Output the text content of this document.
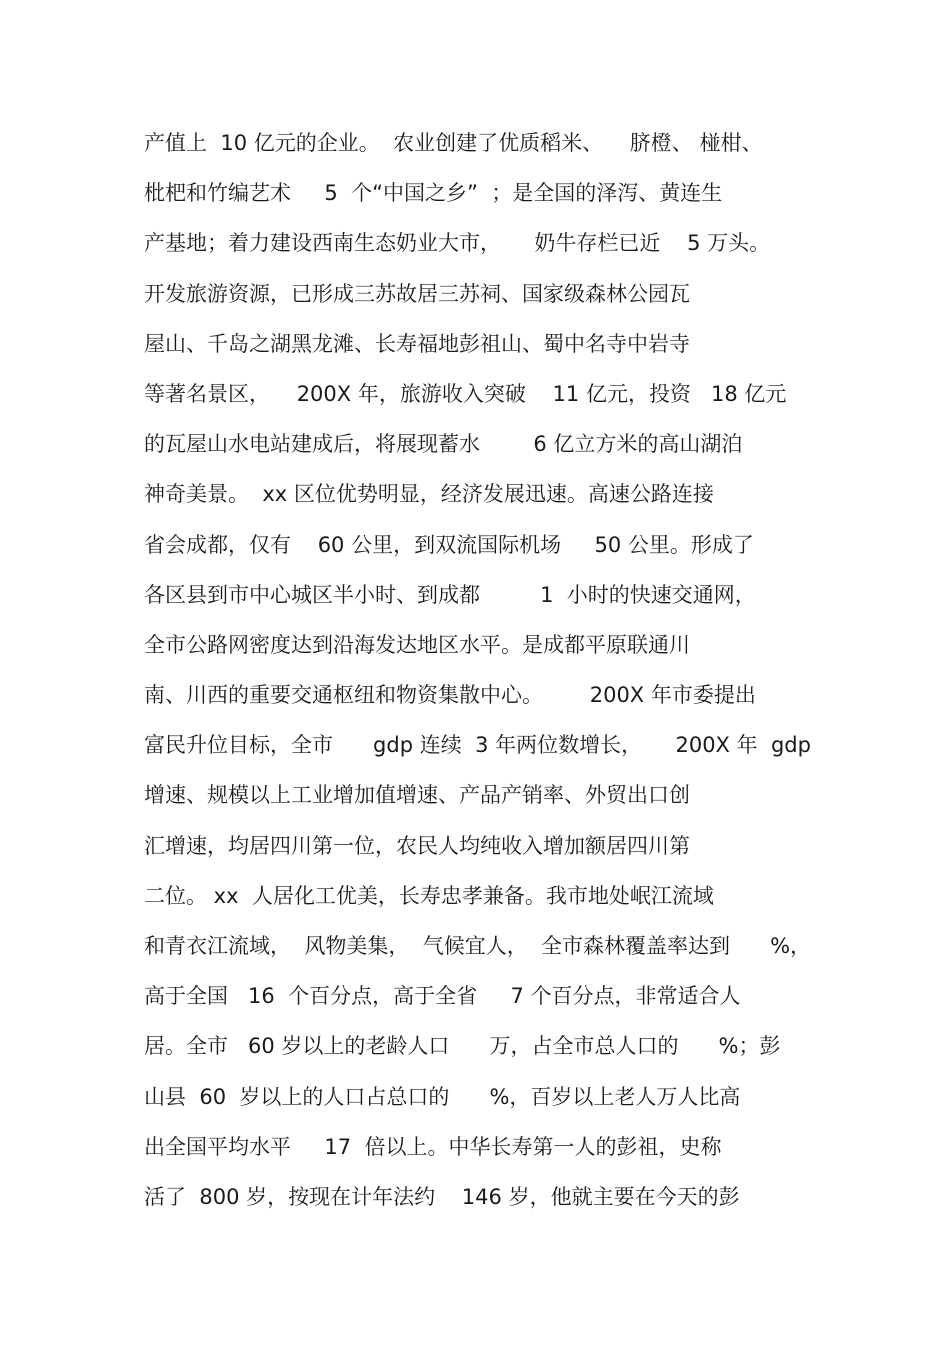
产值上  10 亿元的企业。  农业创建了优质稻米、    脐橙、 椪柑、
枇杷和竹编艺术     5  个“中国之乡”  ；是全国的泽泻、黄连生
产基地；着力建设西南生态奶业大市，     奶牛存栏已近    5 万头。
开发旅游资源，已形成三苏故居三苏祠、国家级森林公园瓦
屋山、千岛之湖黑龙滩、长寿福地彭祖山、蜀中名寺中岩寺
等著名景区，    200X 年，旅游收入突破    11 亿元，投资   18 亿元
的瓦屋山水电站建成后，将展现蓄水        6 亿立方米的高山湖泊
神奇美景。  xx 区位优势明显，经济发展迅速。高速公路连接
省会成都，仅有    60 公里，到双流国际机场     50 公里。形成了
各区县到市中心城区半小时、到成都         1  小时的快速交通网，
全市公路网密度达到沿海发达地区水平。是成都平原联通川
南、川西的重要交通枢纽和物资集散中心。       200X 年市委提出
富民升位目标，全市      gdp 连续  3 年两位数增长，     200X 年  gdp
增速、规模以上工业增加值增速、产品产销率、外贸出口创
汇增速，均居四川第一位，农民人均纯收入增加额居四川第
二位。 xx  人居化工优美，长寿忠孝兼备。我市地处岷江流域
和青衣江流域，  风物美集，  气候宜人，  全市森林覆盖率达到      %，
高于全国   16  个百分点，高于全省     7 个百分点，非常适合人
居。全市   60 岁以上的老龄人口      万，占全市总人口的      %；彭
山县  60  岁以上的人口占总口的      %，百岁以上老人万人比高
出全国平均水平     17  倍以上。中华长寿第一人的彭祖，史称
活了  800 岁，按现在计年法约    146 岁，他就主要在今天的彭
